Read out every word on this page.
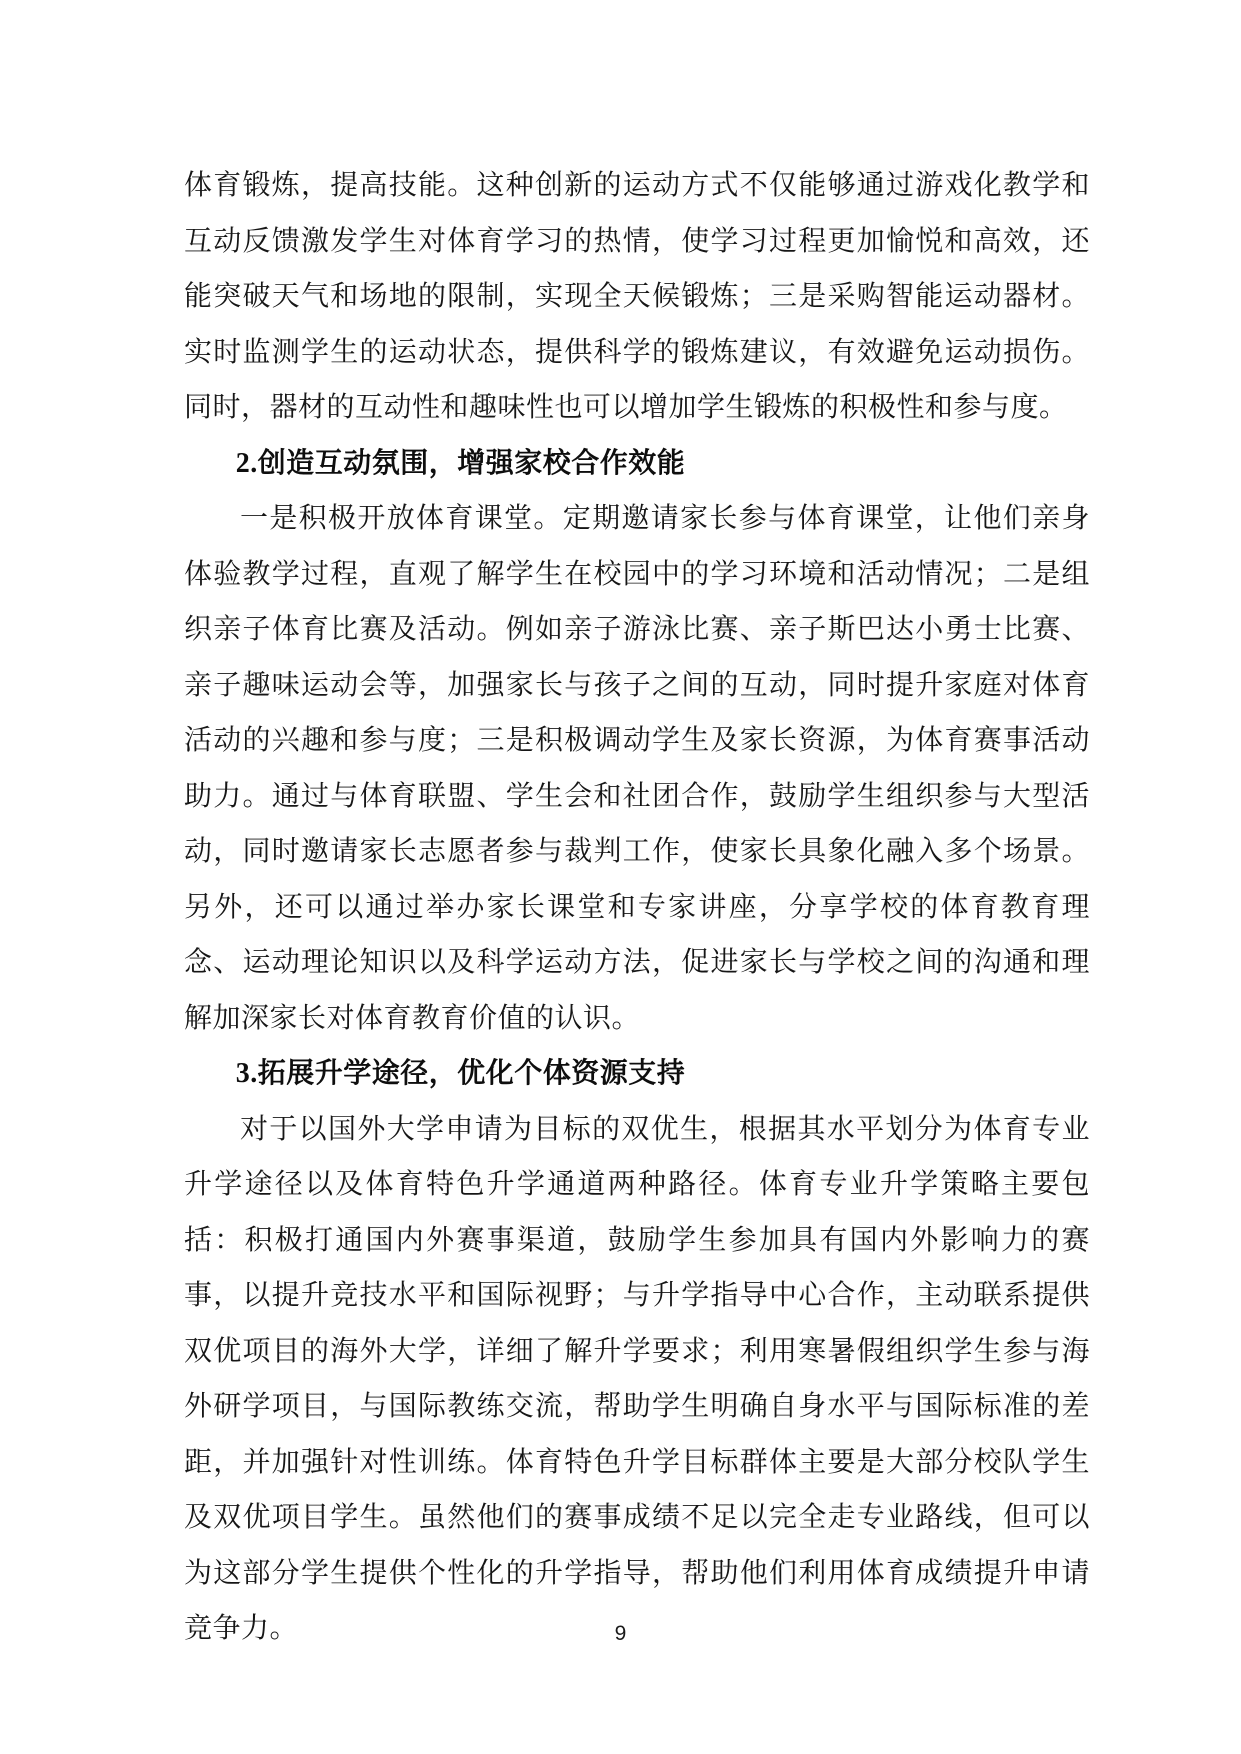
体育锻炼，提高技能。这种创新的运动方式不仅能够通过游戏化教学和互动反馈激发学生对体育学习的热情，使学习过程更加愉悦和高效，还能突破天气和场地的限制，实现全天候锻炼；三是采购智能运动器材。实时监测学生的运动状态，提供科学的锻炼建议，有效避免运动损伤。同时，器材的互动性和趣味性也可以增加学生锻炼的积极性和参与度。

2.创造互动氛围，增强家校合作效能

一是积极开放体育课堂。定期邀请家长参与体育课堂，让他们亲身体验教学过程，直观了解学生在校园中的学习环境和活动情况；二是组织亲子体育比赛及活动。例如亲子游泳比赛、亲子斯巴达小勇士比赛、亲子趣味运动会等，加强家长与孩子之间的互动，同时提升家庭对体育活动的兴趣和参与度；三是积极调动学生及家长资源，为体育赛事活动助力。通过与体育联盟、学生会和社团合作，鼓励学生组织参与大型活动，同时邀请家长志愿者参与裁判工作，使家长具象化融入多个场景。另外，还可以通过举办家长课堂和专家讲座，分享学校的体育教育理念、运动理论知识以及科学运动方法，促进家长与学校之间的沟通和理解加深家长对体育教育价值的认识。

3.拓展升学途径，优化个体资源支持

对于以国外大学申请为目标的双优生，根据其水平划分为体育专业升学途径以及体育特色升学通道两种路径。体育专业升学策略主要包括：积极打通国内外赛事渠道，鼓励学生参加具有国内外影响力的赛事，以提升竞技水平和国际视野；与升学指导中心合作，主动联系提供双优项目的海外大学，详细了解升学要求；利用寒暑假组织学生参与海外研学项目，与国际教练交流，帮助学生明确自身水平与国际标准的差距，并加强针对性训练。体育特色升学目标群体主要是大部分校队学生及双优项目学生。虽然他们的赛事成绩不足以完全走专业路线，但可以为这部分学生提供个性化的升学指导，帮助他们利用体育成绩提升申请竞争力。	9
